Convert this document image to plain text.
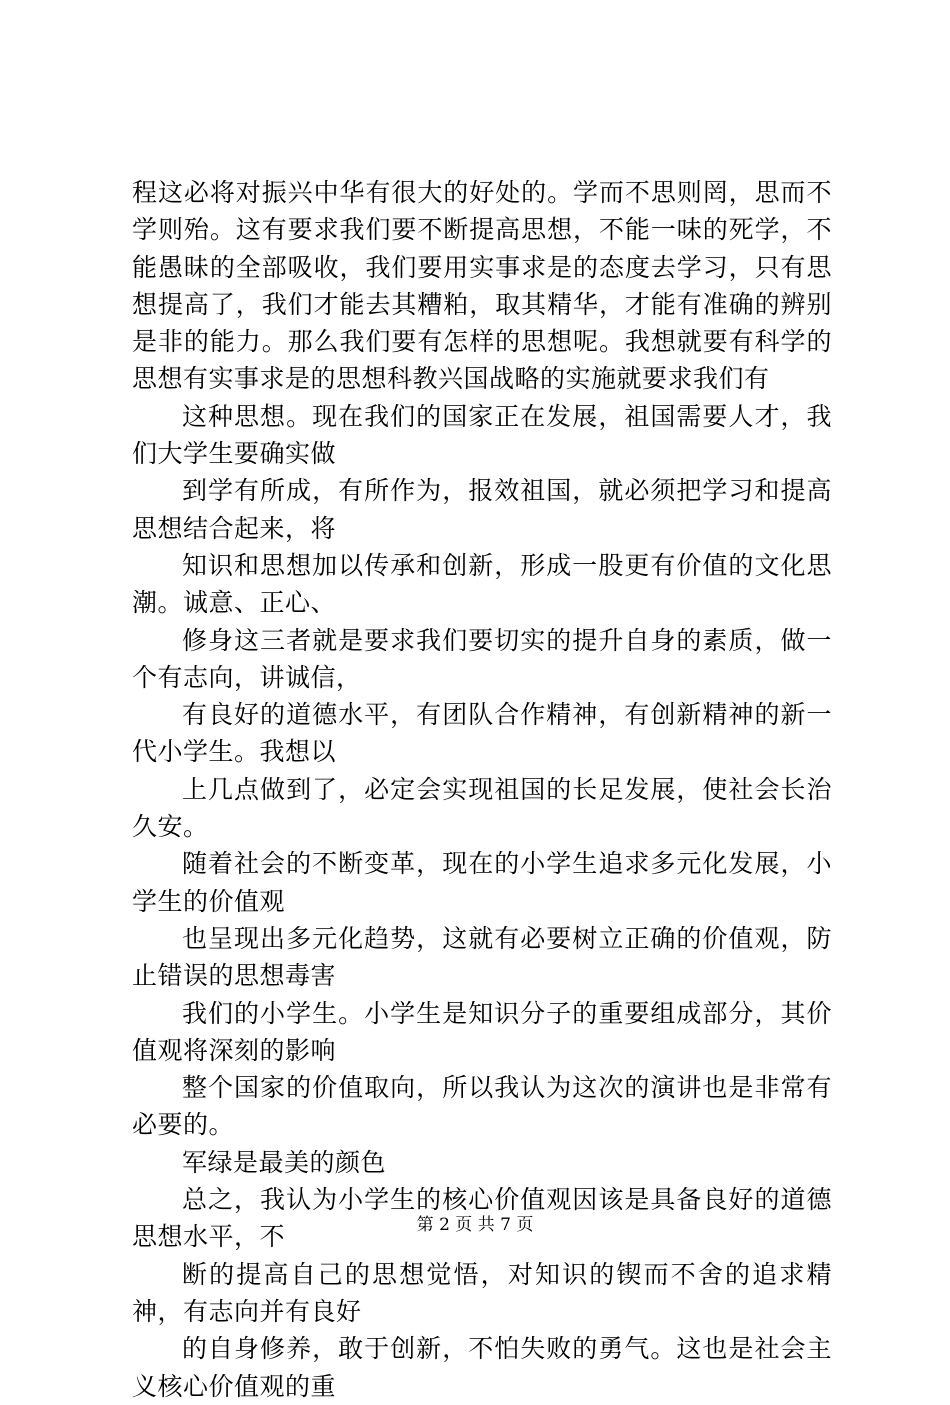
程这必将对振兴中华有很大的好处的。学而不思则罔，思而不学则殆。这有要求我们要不断提高思想，不能一味的死学，不能愚昧的全部吸收，我们要用实事求是的态度去学习，只有思想提高了，我们才能去其糟粕，取其精华，才能有准确的辨别是非的能力。那么我们要有怎样的思想呢。我想就要有科学的思想有实事求是的思想科教兴国战略的实施就要求我们有

这种思想。现在我们的国家正在发展，祖国需要人才，我们大学生要确实做

到学有所成，有所作为，报效祖国，就必须把学习和提高思想结合起来，将

知识和思想加以传承和创新，形成一股更有价值的文化思潮。诚意、正心、

修身这三者就是要求我们要切实的提升自身的素质，做一个有志向，讲诚信，

有良好的道德水平，有团队合作精神，有创新精神的新一代小学生。我想以

上几点做到了，必定会实现祖国的长足发展，使社会长治久安。

随着社会的不断变革，现在的小学生追求多元化发展，小学生的价值观

也呈现出多元化趋势，这就有必要树立正确的价值观，防止错误的思想毒害

我们的小学生。小学生是知识分子的重要组成部分，其价值观将深刻的影响

整个国家的价值取向，所以我认为这次的演讲也是非常有必要的。

军绿是最美的颜色

总之，我认为小学生的核心价值观因该是具备良好的道德思想水平，不

断的提高自己的思想觉悟，对知识的锲而不舍的追求精神，有志向并有良好

的自身修养，敢于创新，不怕失败的勇气。这也是社会主义核心价值观的重

第 2 页 共 7 页
